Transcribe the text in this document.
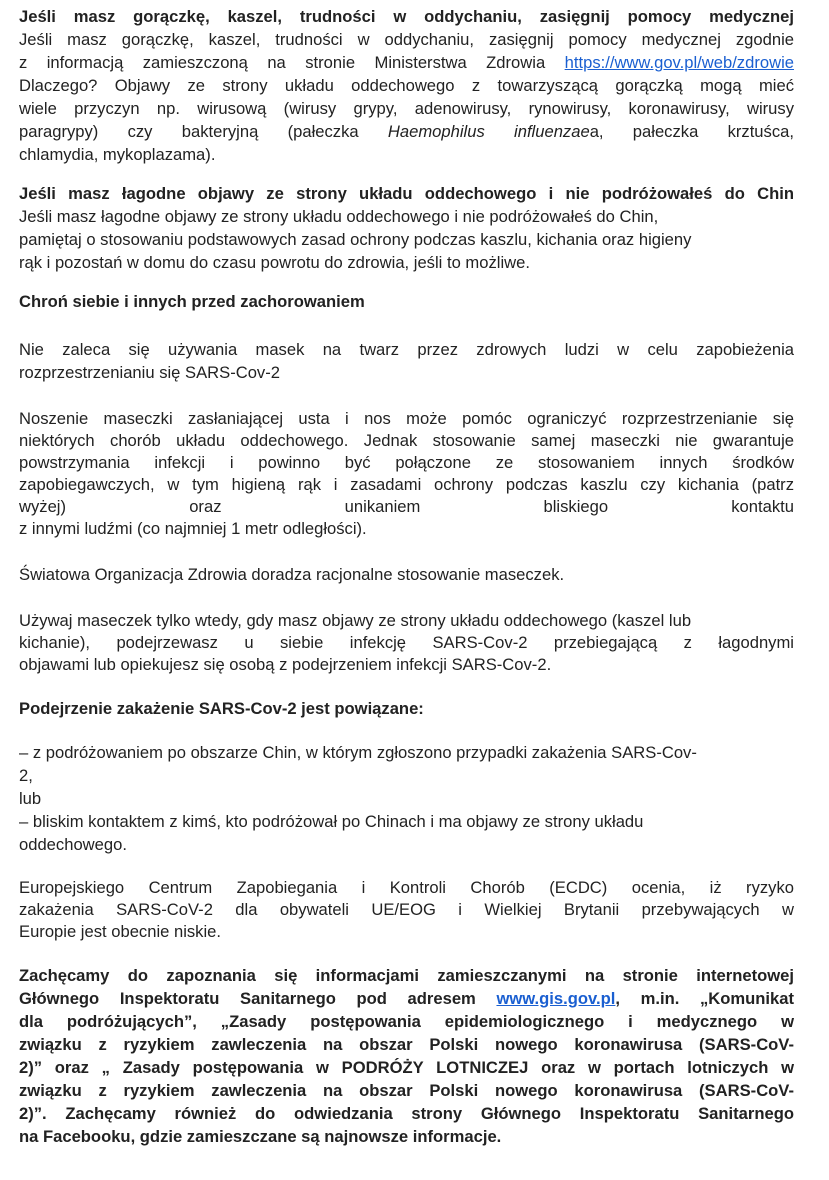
Jeśli masz gorączkę, kaszel, trudności w oddychaniu, zasięgnij pomocy medycznej
Jeśli masz gorączkę, kaszel, trudności w oddychaniu, zasięgnij pomocy medycznej zgodnie
z informacją zamieszczoną na stronie Ministerstwa Zdrowia https://www.gov.pl/web/zdrowie
Dlaczego? Objawy ze strony układu oddechowego z towarzyszącą gorączką mogą mieć
wiele przyczyn np. wirusową (wirusy grypy, adenowirusy, rynowirusy, koronawirusy, wirusy
paragrypy) czy bakteryjną (pałeczka Haemophilus influenzaea, pałeczka krztuśca,
chlamydia, mykoplazama).
Jeśli masz łagodne objawy ze strony układu oddechowego i nie podróżowałeś do Chin
Jeśli masz łagodne objawy ze strony układu oddechowego i nie podróżowałeś do Chin,
pamiętaj o stosowaniu podstawowych zasad ochrony podczas kaszlu, kichania oraz higieny
rąk i pozostań w domu do czasu powrotu do zdrowia, jeśli to możliwe.
Chroń siebie i innych przed zachorowaniem
Nie zaleca się używania masek na twarz przez zdrowych ludzi w celu zapobieżenia
rozprzestrzenianiu się SARS-Cov-2
Noszenie maseczki zasłaniającej usta i nos może pomóc ograniczyć rozprzestrzenianie się
niektórych chorób układu oddechowego. Jednak stosowanie samej maseczki nie gwarantuje
powstrzymania infekcji i powinno być połączone ze stosowaniem innych środków
zapobiegawczych, w tym higieną rąk i zasadami ochrony podczas kaszlu czy kichania (patrz
wyżej) oraz unikaniem bliskiego kontaktu
z innymi ludźmi (co najmniej 1 metr odległości).
Światowa Organizacja Zdrowia doradza racjonalne stosowanie maseczek.
Używaj maseczek tylko wtedy, gdy masz objawy ze strony układu oddechowego (kaszel lub
kichanie), podejrzewasz u siebie infekcję SARS-Cov-2 przebiegającą z łagodnymi
objawami lub opiekujesz się osobą z podejrzeniem infekcji SARS-Cov-2.
Podejrzenie zakażenie SARS-Cov-2 jest powiązane:
– z podróżowaniem po obszarze Chin, w którym zgłoszono przypadki zakażenia SARS-Cov-
2,
lub
– bliskim kontaktem z kimś, kto podróżował po Chinach i ma objawy ze strony układu
oddechowego.
Europejskiego Centrum Zapobiegania i Kontroli Chorób (ECDC) ocenia, iż ryzyko
zakażenia SARS-CoV-2 dla obywateli UE/EOG i Wielkiej Brytanii przebywających w
Europie jest obecnie niskie.
Zachęcamy do zapoznania się informacjami zamieszczanymi na stronie internetowej
Głównego Inspektoratu Sanitarnego pod adresem www.gis.gov.pl, m.in. „Komunikat
dla podróżujących”, „Zasady postępowania epidemiologicznego i medycznego w
związku z ryzykiem zawleczenia na obszar Polski nowego koronawirusa (SARS-CoV-
2)” oraz „ Zasady postępowania w PODRÓŻY LOTNICZEJ oraz w portach lotniczych w
związku z ryzykiem zawleczenia na obszar Polski nowego koronawirusa (SARS-CoV-
2)”. Zachęcamy również do odwiedzania strony Głównego Inspektoratu Sanitarnego
na Facebooku, gdzie zamieszczane są najnowsze informacje.
